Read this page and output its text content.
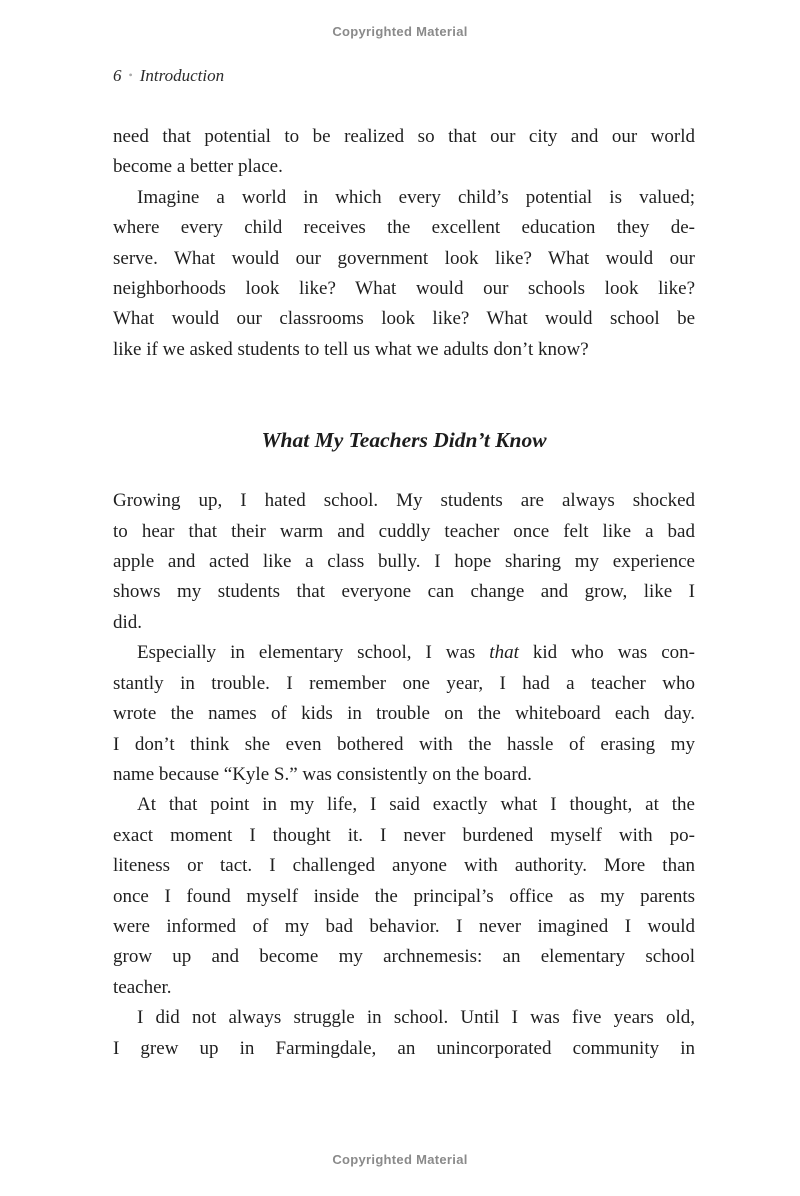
Copyrighted Material
6 • Introduction
need that potential to be realized so that our city and our world
become a better place.
Imagine a world in which every child’s potential is valued;
where every child receives the excellent education they de-
serve. What would our government look like? What would our
neighborhoods look like? What would our schools look like?
What would our classrooms look like? What would school be
like if we asked students to tell us what we adults don’t know?
What My Teachers Didn’t Know
Growing up, I hated school. My students are always shocked
to hear that their warm and cuddly teacher once felt like a bad
apple and acted like a class bully. I hope sharing my experience
shows my students that everyone can change and grow, like I
did.
Especially in elementary school, I was that kid who was con-
stantly in trouble. I remember one year, I had a teacher who
wrote the names of kids in trouble on the whiteboard each day.
I don’t think she even bothered with the hassle of erasing my
name because “Kyle S.” was consistently on the board.
At that point in my life, I said exactly what I thought, at the
exact moment I thought it. I never burdened myself with po-
liteness or tact. I challenged anyone with authority. More than
once I found myself inside the principal’s office as my parents
were informed of my bad behavior. I never imagined I would
grow up and become my archnemesis: an elementary school
teacher.
I did not always struggle in school. Until I was five years old,
I grew up in Farmingdale, an unincorporated community in
Copyrighted Material
